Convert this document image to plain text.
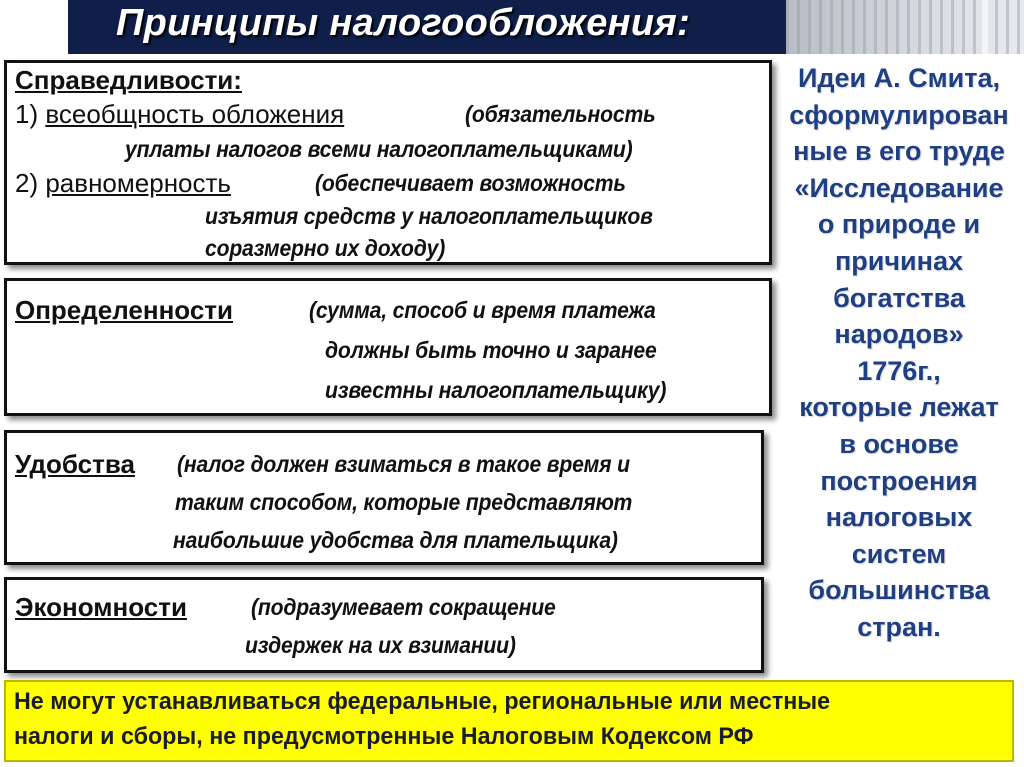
Принципы налогообложения:
Справедливости:
1) всеобщность обложения	(обязательность
уплаты налогов всеми налогоплательщиками)
2) равномерность	(обеспечивает возможность
изъятия средств у налогоплательщиков
соразмерно их доходу)
Определенности	(сумма, способ и время платежа
должны быть точно и заранее
известны налогоплательщику)
Удобства (налог должен взиматься в такое время и
таким способом, которые представляют
наибольшие удобства для плательщика)
Экономности	(подразумевает сокращение
издержек на их взимании)
Идеи А. Смита,
сформулирован
ные в его труде
«Исследование
о природе и
причинах
богатства
народов»
1776г.,
которые лежат
в основе
построения
налоговых
систем
большинства
стран.
Не могут устанавливаться федеральные, региональные или местные
налоги и сборы, не предусмотренные Налоговым Кодексом РФ
